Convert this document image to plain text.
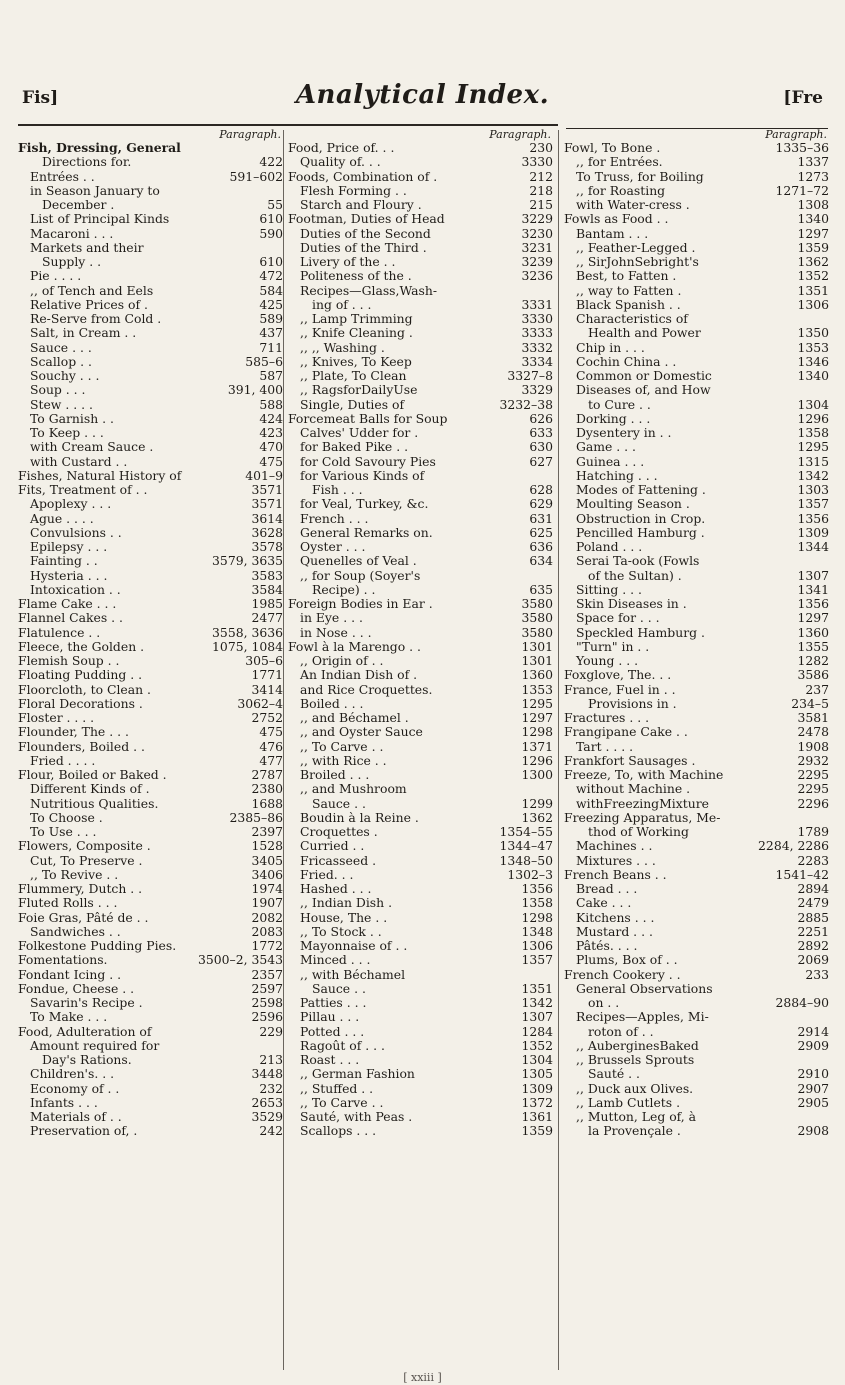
Fis]	Analytical Index.	[Fre
Paragraph.
Fish, Dressing, General
Directions for.	422
Entrées . .	591–602
in Season January to
December .	55
List of Principal Kinds	610
Macaroni . . .	590
Markets and their
Supply . .	610
Pie . . . .	472
,, of Tench and Eels	584
Relative Prices of .	425
Re-Serve from Cold .	589
Salt, in Cream . .	437
Sauce . . .	711
Scallop . .	585–6
Souchy . . .	587
Soup . . .	391, 400
Stew . . . .	588
To Garnish . .	424
To Keep . . .	423
with Cream Sauce .	470
with Custard . .	475
Fishes, Natural History of	401–9
Fits, Treatment of . .	3571
Apoplexy . . .	3571
Ague . . . .	3614
Convulsions . .	3628
Epilepsy . . .	3578
Fainting . .	3579, 3635
Hysteria . . .	3583
Intoxication . .	3584
Flame Cake . . .	1985
Flannel Cakes . .	2477
Flatulence . .	3558, 3636
Fleece, the Golden .	1075, 1084
Flemish Soup . .	305–6
Floating Pudding . .	1771
Floorcloth, to Clean .	3414
Floral Decorations .	3062–4
Floster . . . .	2752
Flounder, The . . .	475
Flounders, Boiled . .	476
Fried . . . .	477
Flour, Boiled or Baked .	2787
Different Kinds of .	2380
Nutritious Qualities.	1688
To Choose .	2385–86
To Use . . .	2397
Flowers, Composite .	1528
Cut, To Preserve .	3405
,, To Revive . .	3406
Flummery, Dutch . .	1974
Fluted Rolls . . .	1907
Foie Gras, Pâté de . .	2082
Sandwiches . .	2083
Folkestone Pudding Pies.	1772
Fomentations.	3500–2, 3543
Fondant Icing . .	2357
Fondue, Cheese . .	2597
Savarin's Recipe .	2598
To Make . . .	2596
Food, Adulteration of	229
Amount required for
Day's Rations.	213
Children's. . .	3448
Economy of . .	232
Infants . . .	2653
Materials of . .	3529
Preservation of, .	242
Paragraph.
Food, Price of. . .	230
Quality of. . .	3330
Foods, Combination of .	212
Flesh Forming . .	218
Starch and Floury .	215
Footman, Duties of Head	3229
Duties of the Second	3230
Duties of the Third .	3231
Livery of the . .	3239
Politeness of the .	3236
Recipes—Glass,Wash-
ing of . . .	3331
,, Lamp Trimming	3330
,, Knife Cleaning .	3333
,, ,, Washing .	3332
,, Knives, To Keep	3334
,, Plate, To Clean	3327–8
,, RagsforDailyUse	3329
Single, Duties of	3232–38
Forcemeat Balls for Soup	626
Calves' Udder for .	633
for Baked Pike . .	630
for Cold Savoury Pies	627
for Various Kinds of
Fish . . .	628
for Veal, Turkey, &c.	629
French . . .	631
General Remarks on.	625
Oyster . . .	636
Quenelles of Veal .	634
,, for Soup (Soyer's
Recipe) . .	635
Foreign Bodies in Ear .	3580
in Eye . . .	3580
in Nose . . .	3580
Fowl à la Marengo . .	1301
,, Origin of . .	1301
An Indian Dish of .	1360
and Rice Croquettes.	1353
Boiled . . .	1295
,, and Béchamel .	1297
,, and Oyster Sauce	1298
,, To Carve . .	1371
,, with Rice . .	1296
Broiled . . .	1300
,, and Mushroom
Sauce . .	1299
Boudin à la Reine .	1362
Croquettes .	1354–55
Curried . .	1344–47
Fricasseed .	1348–50
Fried. . .	1302–3
Hashed . . .	1356
,, Indian Dish .	1358
House, The . .	1298
,, To Stock . .	1348
Mayonnaise of . .	1306
Minced . . .	1357
,, with Béchamel
Sauce . .	1351
Patties . . .	1342
Pillau . . .	1307
Potted . . .	1284
Ragoût of . . .	1352
Roast . . .	1304
,, German Fashion	1305
,, Stuffed . .	1309
,, To Carve . .	1372
Sauté, with Peas .	1361
Scallops . . .	1359
Paragraph.
Fowl, To Bone .	1335–36
,, for Entrées.	1337
To Truss, for Boiling	1273
,, for Roasting	1271–72
with Water-cress .	1308
Fowls as Food . .	1340
Bantam . . .	1297
,, Feather-Legged .	1359
,, SirJohnSebright's	1362
Best, to Fatten .	1352
,, way to Fatten .	1351
Black Spanish . .	1306
Characteristics of
Health and Power	1350
Chip in . . .	1353
Cochin China . .	1346
Common or Domestic	1340
Diseases of, and How
to Cure . .	1304
Dorking . . .	1296
Dysentery in . .	1358
Game . . .	1295
Guinea . . .	1315
Hatching . . .	1342
Modes of Fattening .	1303
Moulting Season .	1357
Obstruction in Crop.	1356
Pencilled Hamburg .	1309
Poland . . .	1344
Serai Ta-ook (Fowls
of the Sultan) .	1307
Sitting . . .	1341
Skin Diseases in .	1356
Space for . . .	1297
Speckled Hamburg .	1360
"Turn" in . .	1355
Young . . .	1282
Foxglove, The. . .	3586
France, Fuel in . .	237
Provisions in .	234–5
Fractures . . .	3581
Frangipane Cake . .	2478
Tart . . . .	1908
Frankfort Sausages .	2932
Freeze, To, with Machine	2295
without Machine .	2295
withFreezingMixture	2296
Freezing Apparatus, Me-
thod of Working	1789
Machines . .	2284, 2286
Mixtures . . .	2283
French Beans . .	1541–42
Bread . . .	2894
Cake . . .	2479
Kitchens . . .	2885
Mustard . . .	2251
Pâtés. . . .	2892
Plums, Box of . .	2069
French Cookery . .	233
General Observations
on . .	2884–90
Recipes—Apples, Mi-
roton of . .	2914
,, AuberginesBaked	2909
,, Brussels Sprouts
Sauté . .	2910
,, Duck aux Olives.	2907
,, Lamb Cutlets .	2905
,, Mutton, Leg of, à
la Provençale .	2908
[ xxiii ]
